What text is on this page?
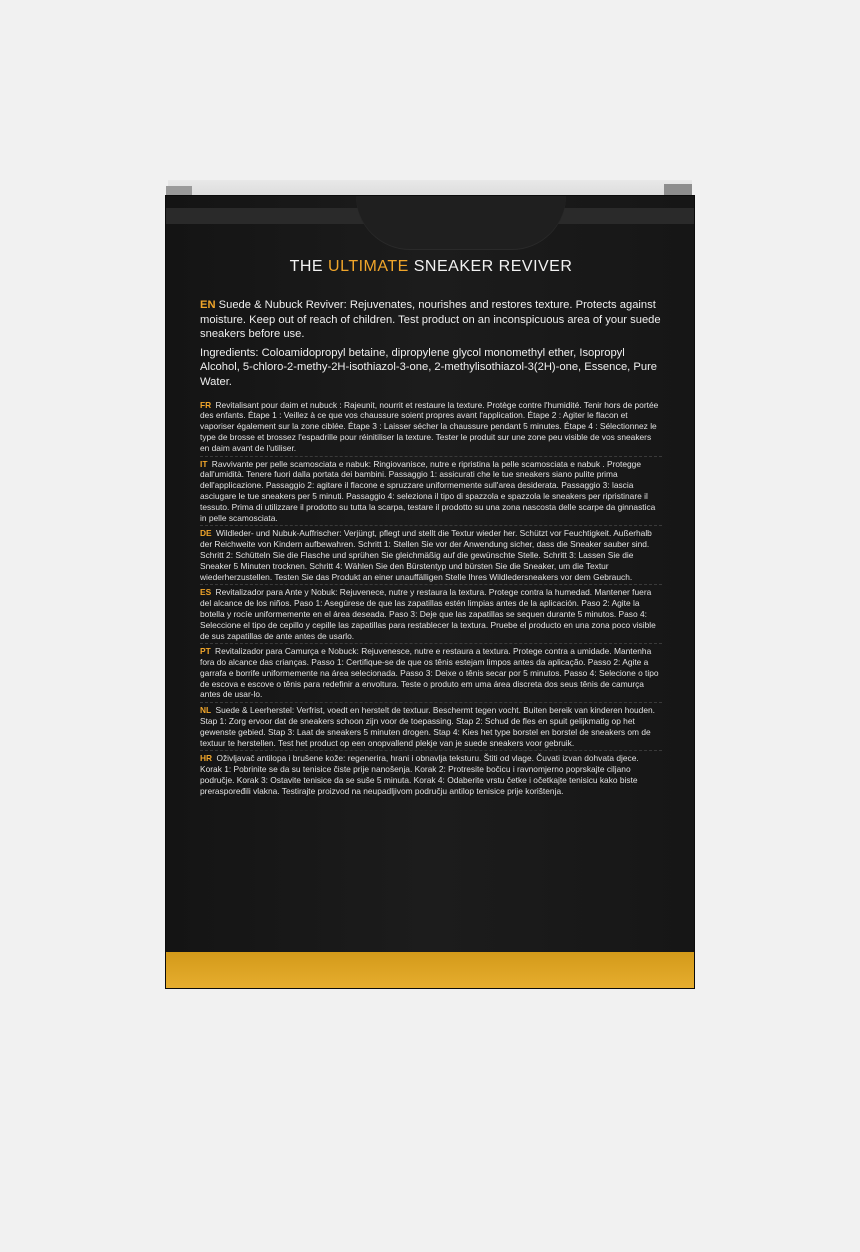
THE ULTIMATE SNEAKER REVIVER

EN Suede & Nubuck Reviver: Rejuvenates, nourishes and restores texture. Protects against moisture. Keep out of reach of children. Test product on an inconspicuous area of your suede sneakers before use.

Ingredients: Coloamidopropyl betaine, dipropylene glycol monomethyl ether, Isopropyl Alcohol, 5-chloro-2-methy-2H-isothiazol-3-one, 2-methylisothiazol-3(2H)-one, Essence, Pure Water.

FR Revitalisant pour daim et nubuck : Rajeunit, nourrit et restaure la texture. Protège contre l'humidité. Tenir hors de portée des enfants. Étape 1 : Veillez à ce que vos chaussure soient propres avant l'application. Étape 2 : Agiter le flacon et vaporiser également sur la zone ciblée. Étape 3 : Laisser sécher la chaussure pendant 5 minutes. Étape 4 : Sélectionnez le type de brosse et brossez l'espadrille pour réinitiliser la texture. Tester le produit sur une zone peu visible de vos sneakers en daim avant de l'utiliser.

IT Ravvivante per pelle scamosciata e nabuk: Ringiovanisce, nutre e ripristina la pelle scamosciata e nabuk . Protegge dall'umidità. Tenere fuori dalla portata dei bambini. Passaggio 1: assicurati che le tue sneakers siano pulite prima dell'applicazione. Passaggio 2: agitare il flacone e spruzzare uniformemente sull'area desiderata. Passaggio 3: lascia asciugare le tue sneakers per 5 minuti. Passaggio 4: seleziona il tipo di spazzola e spazzola le sneakers per ripristinare il tessuto. Prima di utilizzare il prodotto su tutta la scarpa, testare il prodotto su una zona nascosta delle scarpe da ginnastica in pelle scamosciata.

DE Wildleder- und Nubuk-Auffrischer: Verjüngt, pflegt und stellt die Textur wieder her. Schützt vor Feuchtigkeit. Außerhalb der Reichweite von Kindern aufbewahren. Schritt 1: Stellen Sie vor der Anwendung sicher, dass die Sneaker sauber sind. Schritt 2: Schütteln Sie die Flasche und sprühen Sie gleichmäßig auf die gewünschte Stelle. Schritt 3: Lassen Sie die Sneaker 5 Minuten trocknen. Schritt 4: Wählen Sie den Bürstentyp und bürsten Sie die Sneaker, um die Textur wiederherzustellen. Testen Sie das Produkt an einer unauffälligen Stelle Ihres Wildledersneakers vor dem Gebrauch.

ES Revitalizador para Ante y Nobuk: Rejuvenece, nutre y restaura la textura. Protege contra la humedad. Mantener fuera del alcance de los niños. Paso 1: Asegúrese de que las zapatillas estén limpias antes de la aplicación. Paso 2: Agite la botella y rocíe uniformemente en el área deseada. Paso 3: Deje que las zapatillas se sequen durante 5 minutos. Paso 4: Seleccione el tipo de cepillo y cepille las zapatillas para restablecer la textura. Pruebe el producto en una zona poco visible de sus zapatillas de ante antes de usarlo.

PT Revitalizador para Camurça e Nobuck: Rejuvenesce, nutre e restaura a textura. Protege contra a umidade. Mantenha fora do alcance das crianças. Passo 1: Certifique-se de que os tênis estejam limpos antes da aplicação. Passo 2: Agite a garrafa e borrife uniformemente na área selecionada. Passo 3: Deixe o tênis secar por 5 minutos. Passo 4: Selecione o tipo de escova e escove o tênis para redefinir a envoltura. Teste o produto em uma área discreta dos seus tênis de camurça antes de usar-lo.

NL Suede & Leerherstel: Verfrist, voedt en herstelt de textuur. Beschermt tegen vocht. Buiten bereik van kinderen houden. Stap 1: Zorg ervoor dat de sneakers schoon zijn voor de toepassing. Stap 2: Schud de fles en spuit gelijkmatig op het gewenste gebied. Stap 3: Laat de sneakers 5 minuten drogen. Stap 4: Kies het type borstel en borstel de sneakers om de textuur te herstellen. Test het product op een onopvallend plekje van je suede sneakers voor gebruik.

HR Oživljavač antilopa i brušene kože: regenerira, hrani i obnavlja teksturu. Štiti od vlage. Čuvati izvan dohvata djece. Korak 1: Pobrinite se da su tenisice čiste prije nanošenja. Korak 2: Protresite bočicu i ravnomjerno poprskajte ciljano područje. Korak 3: Ostavite tenisice da se suše 5 minuta. Korak 4: Odaberite vrstu četke i očetkajte tenisicu kako biste preraspoređili vlakna. Testirajte proizvod na neupadljivom području antilop tenisice prije korištenja.
